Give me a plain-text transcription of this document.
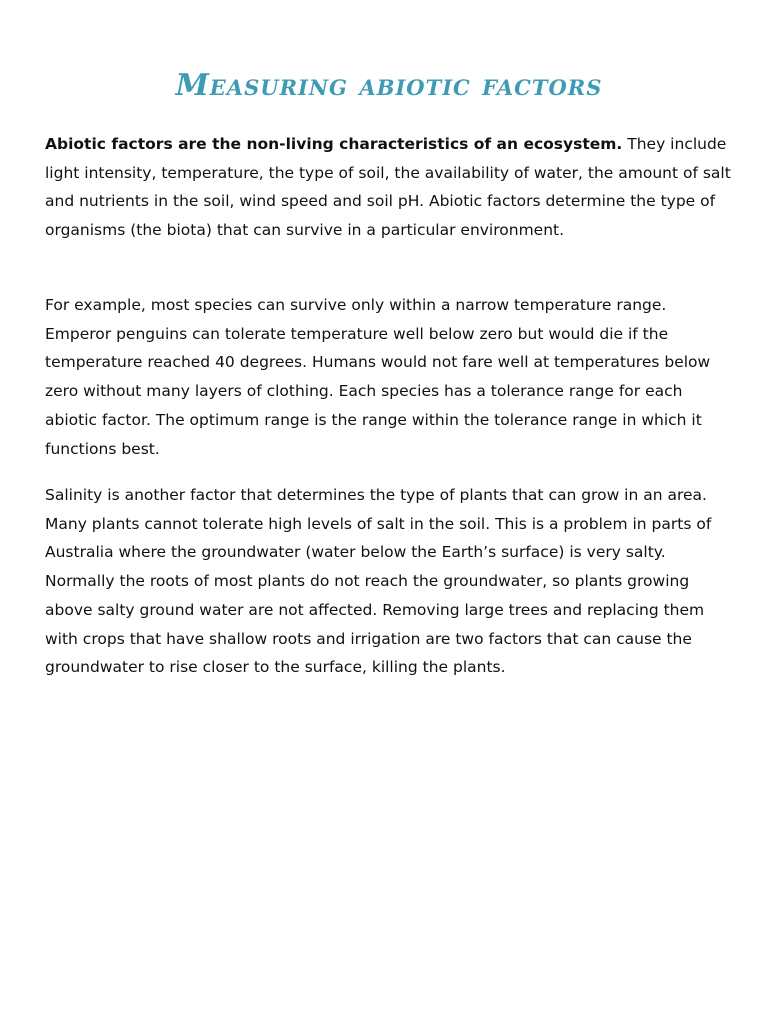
Measuring abiotic factors

Abiotic factors are the non-living characteristics of an ecosystem. They include light intensity, temperature, the type of soil, the availability of water, the amount of salt and nutrients in the soil, wind speed and soil pH. Abiotic factors determine the type of organisms (the biota) that can survive in a particular environment.

For example, most species can survive only within a narrow temperature range. Emperor penguins can tolerate temperature well below zero but would die if the temperature reached 40 degrees. Humans would not fare well at temperatures below zero without many layers of clothing. Each species has a tolerance range for each abiotic factor. The optimum range is the range within the tolerance range in which it functions best.

Salinity is another factor that determines the type of plants that can grow in an area. Many plants cannot tolerate high levels of salt in the soil. This is a problem in parts of Australia where the groundwater (water below the Earth’s surface) is very salty. Normally the roots of most plants do not reach the groundwater, so plants growing above salty ground water are not affected. Removing large trees and replacing them with crops that have shallow roots and irrigation are two factors that can cause the groundwater to rise closer to the surface, killing the plants.
